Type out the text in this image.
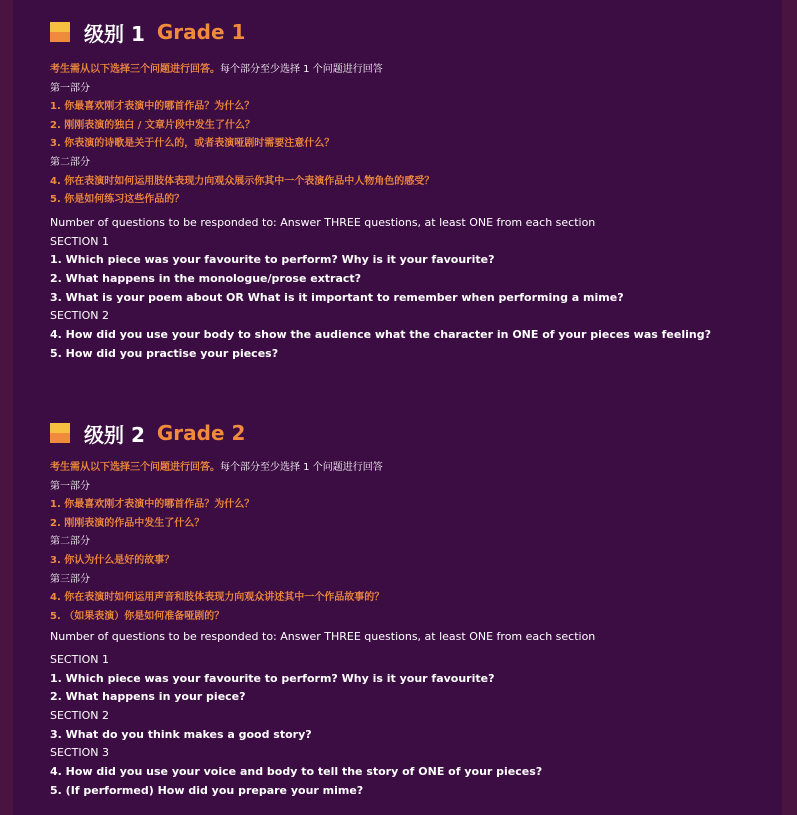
级别 1 Grade 1
考生需从以下选择三个问题进行回答。每个部分至少选择 1 个问题进行回答
第一部分
1. 你最喜欢刚才表演中的哪首作品？为什么？
2. 刚刚表演的独白 / 文章片段中发生了什么？
3. 你表演的诗歌是关于什么的，或者表演哑剧时需要注意什么？
第二部分
4. 你在表演时如何运用肢体表现力向观众展示你其中一个表演作品中人物角色的感受？
5. 你是如何练习这些作品的？
Number of questions to be responded to: Answer THREE questions, at least ONE from each section
SECTION 1
1. Which piece was your favourite to perform? Why is it your favourite?
2. What happens in the monologue/prose extract?
3. What is your poem about OR What is it important to remember when performing a mime?
SECTION 2
4. How did you use your body to show the audience what the character in ONE of your pieces was feeling?
5. How did you practise your pieces?
级别 2 Grade 2
考生需从以下选择三个问题进行回答。每个部分至少选择 1 个问题进行回答
第一部分
1. 你最喜欢刚才表演中的哪首作品？为什么？
2. 刚刚表演的作品中发生了什么？
第二部分
3. 你认为什么是好的故事？
第三部分
4. 你在表演时如何运用声音和肢体表现力向观众讲述其中一个作品故事的？
5. （如果表演）你是如何准备哑剧的？
Number of questions to be responded to: Answer THREE questions, at least ONE from each section
SECTION 1
1. Which piece was your favourite to perform? Why is it your favourite?
2. What happens in your piece?
SECTION 2
3. What do you think makes a good story?
SECTION 3
4. How did you use your voice and body to tell the story of ONE of your pieces?
5. (If performed) How did you prepare your mime?
